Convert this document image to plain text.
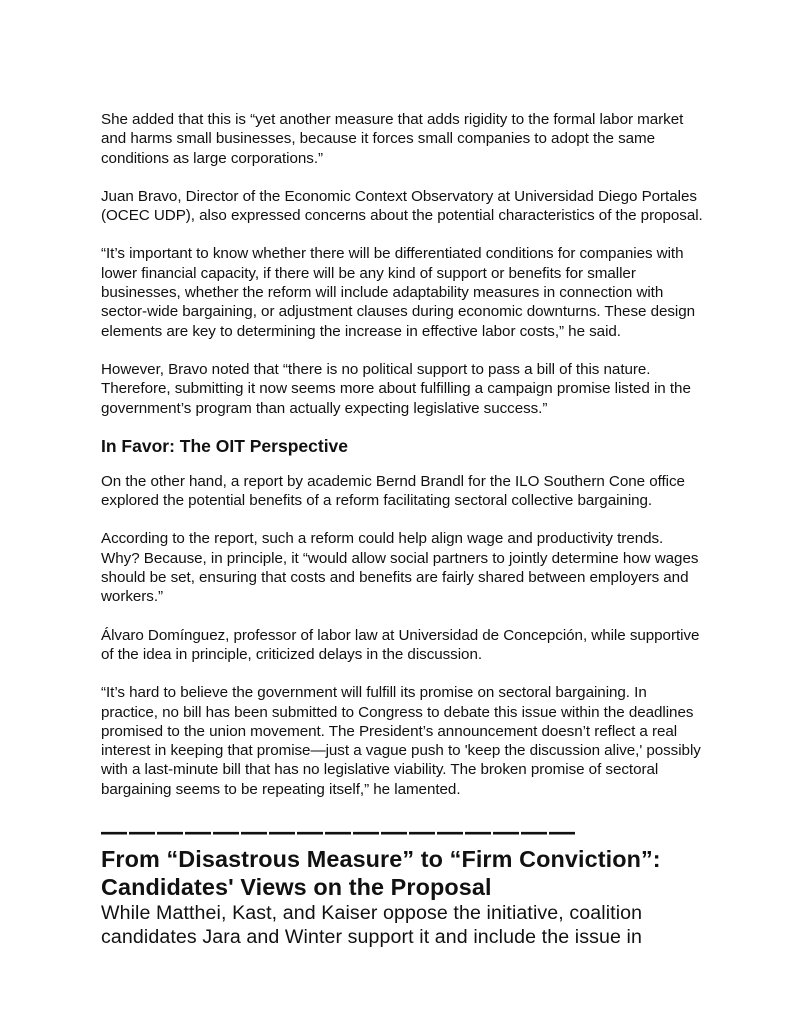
She added that this is “yet another measure that adds rigidity to the formal labor market and harms small businesses, because it forces small companies to adopt the same conditions as large corporations.”

Juan Bravo, Director of the Economic Context Observatory at Universidad Diego Portales (OCEC UDP), also expressed concerns about the potential characteristics of the proposal.

“It’s important to know whether there will be differentiated conditions for companies with lower financial capacity, if there will be any kind of support or benefits for smaller businesses, whether the reform will include adaptability measures in connection with sector-wide bargaining, or adjustment clauses during economic downturns. These design elements are key to determining the increase in effective labor costs,” he said.

However, Bravo noted that “there is no political support to pass a bill of this nature. Therefore, submitting it now seems more about fulfilling a campaign promise listed in the government’s program than actually expecting legislative success.”

In Favor: The OIT Perspective

On the other hand, a report by academic Bernd Brandl for the ILO Southern Cone office explored the potential benefits of a reform facilitating sectoral collective bargaining.

According to the report, such a reform could help align wage and productivity trends. Why? Because, in principle, it “would allow social partners to jointly determine how wages should be set, ensuring that costs and benefits are fairly shared between employers and workers.”

Álvaro Domínguez, professor of labor law at Universidad de Concepción, while supportive of the idea in principle, criticized delays in the discussion.

“It’s hard to believe the government will fulfill its promise on sectoral bargaining. In practice, no bill has been submitted to Congress to debate this issue within the deadlines promised to the union movement. The President’s announcement doesn’t reflect a real interest in keeping that promise—just a vague push to 'keep the discussion alive,' possibly with a last-minute bill that has no legislative viability. The broken promise of sectoral bargaining seems to be repeating itself,” he lamented.

—————————————————
From “Disastrous Measure” to “Firm Conviction”: Candidates' Views on the Proposal

While Matthei, Kast, and Kaiser oppose the initiative, coalition candidates Jara and Winter support it and include the issue in
